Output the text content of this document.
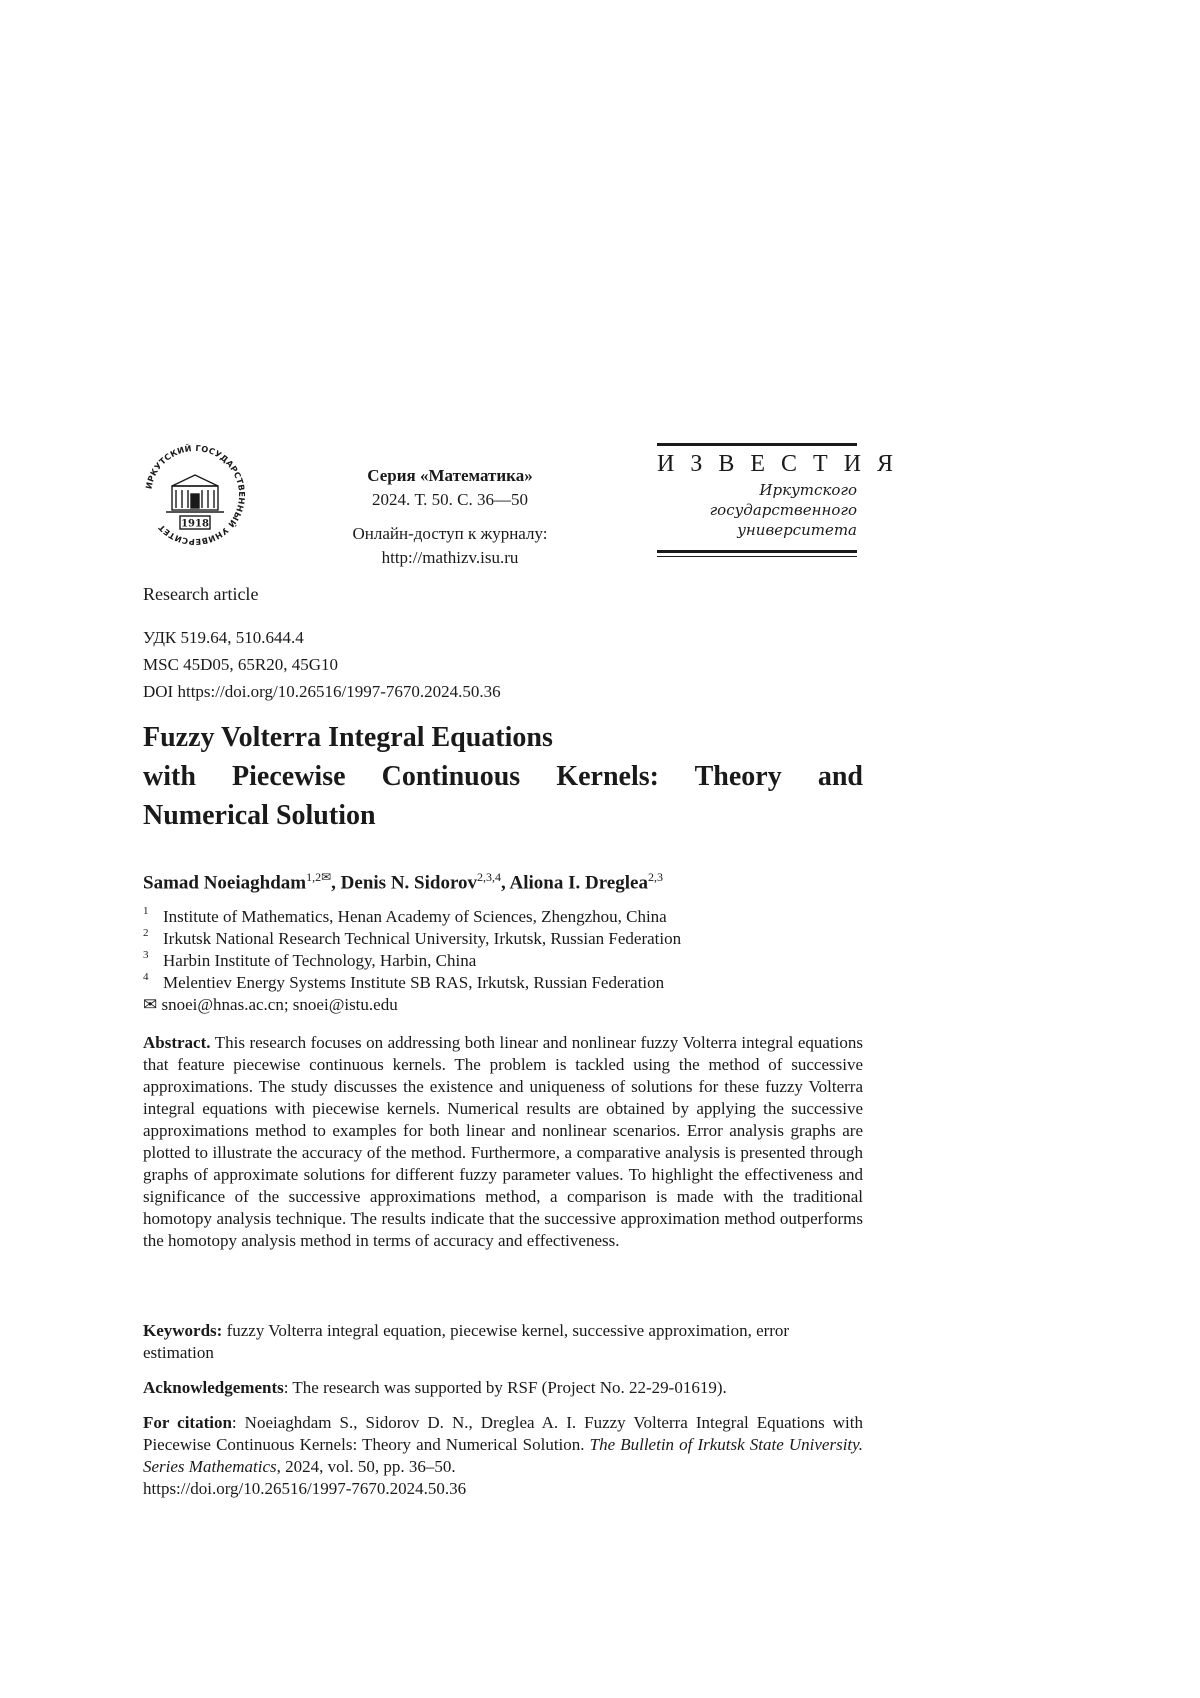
ИРКУТСКИЙ ГОСУДАРСТВЕННЫЙ УНИВЕРСИТЕТ	1918
Серия «Математика»
2024. Т. 50. С. 36—50
Онлайн-доступ к журналу:
http://mathizv.isu.ru
И З В Е С Т И Я
Иркутского
государственного
университета
Research article
УДК 519.64, 510.644.4
MSC 45D05, 65R20, 45G10
DOI https://doi.org/10.26516/1997-7670.2024.50.36
Fuzzy Volterra Integral Equations
with Piecewise Continuous Kernels: Theory and
Numerical Solution
Samad Noeiaghdam1,2✉, Denis N. Sidorov2,3,4, Aliona I. Dreglea2,3
1 Institute of Mathematics, Henan Academy of Sciences, Zhengzhou, China
2 Irkutsk National Research Technical University, Irkutsk, Russian Federation
3 Harbin Institute of Technology, Harbin, China
4 Melentiev Energy Systems Institute SB RAS, Irkutsk, Russian Federation
✉ snoei@hnas.ac.cn; snoei@istu.edu
Abstract. This research focuses on addressing both linear and nonlinear fuzzy Volterra integral equations that feature piecewise continuous kernels. The problem is tackled using the method of successive approximations. The study discusses the existence and uniqueness of solutions for these fuzzy Volterra integral equations with piecewise kernels. Numerical results are obtained by applying the successive approximations method to examples for both linear and nonlinear scenarios. Error analysis graphs are plotted to illustrate the accuracy of the method. Furthermore, a comparative analysis is presented through graphs of approximate solutions for different fuzzy parameter values. To highlight the effectiveness and significance of the successive approximations method, a comparison is made with the traditional homotopy analysis technique. The results indicate that the successive approximation method outperforms the homotopy analysis method in terms of accuracy and effectiveness.
Keywords: fuzzy Volterra integral equation, piecewise kernel, successive approximation, error estimation
Acknowledgements: The research was supported by RSF (Project No. 22-29-01619).
For citation: Noeiaghdam S., Sidorov D. N., Dreglea A. I. Fuzzy Volterra Integral Equations with Piecewise Continuous Kernels: Theory and Numerical Solution. The Bulletin of Irkutsk State University. Series Mathematics, 2024, vol. 50, pp. 36–50.
https://doi.org/10.26516/1997-7670.2024.50.36
